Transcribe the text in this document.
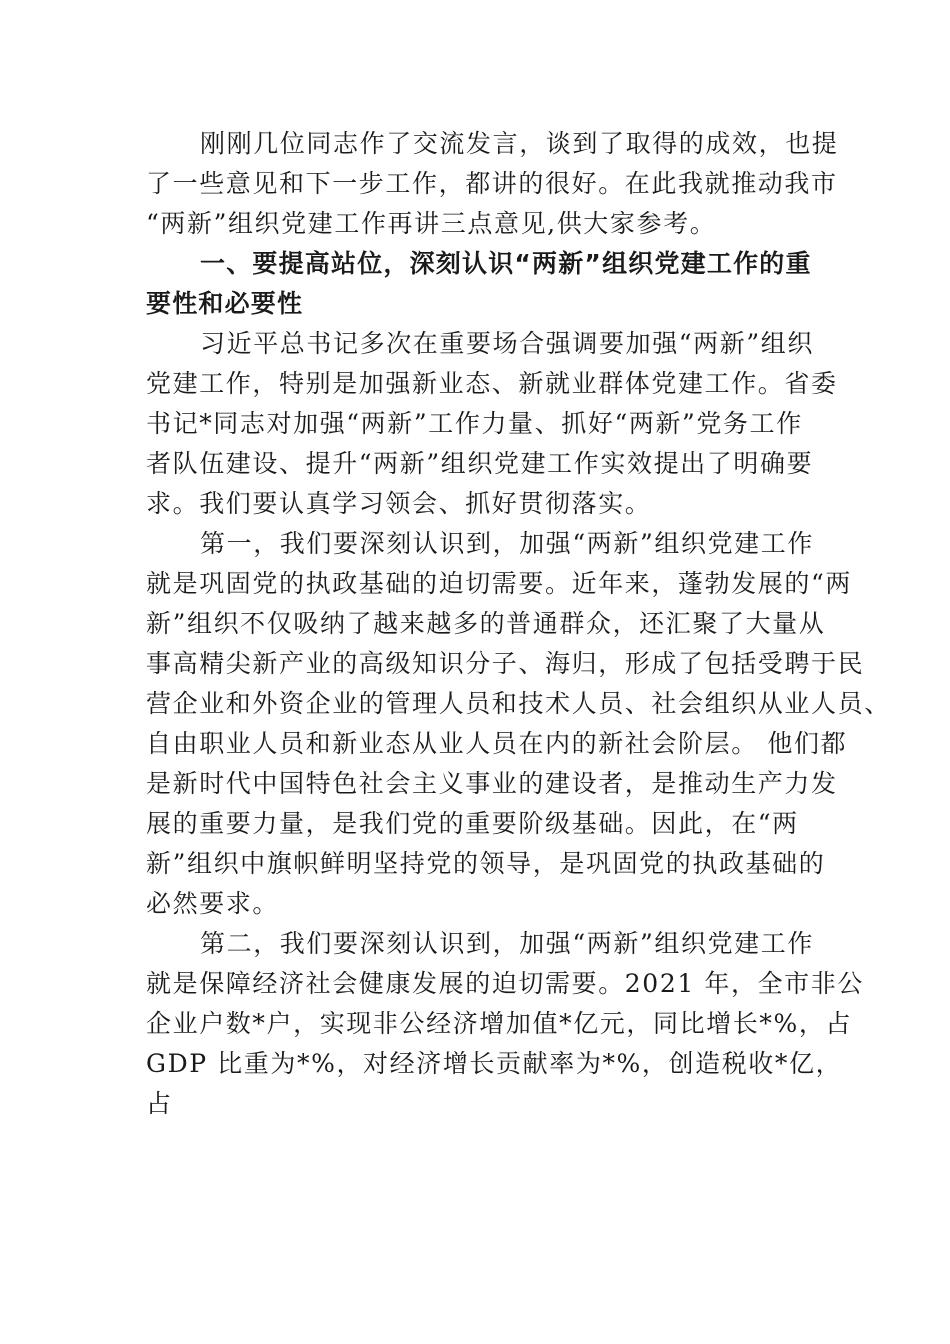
刚刚几位同志作了交流发言，谈到了取得的成效，也提
了一些意见和下一步工作，都讲的很好。在此我就推动我市
“两新”组织党建工作再讲三点意见,供大家参考。
一、要提高站位，深刻认识“两新”组织党建工作的重
要性和必要性
习近平总书记多次在重要场合强调要加强“两新”组织
党建工作，特别是加强新业态、新就业群体党建工作。省委
书记*同志对加强“两新”工作力量、抓好“两新”党务工作
者队伍建设、提升“两新”组织党建工作实效提出了明确要
求。我们要认真学习领会、抓好贯彻落实。
第一，我们要深刻认识到，加强“两新”组织党建工作
就是巩固党的执政基础的迫切需要。近年来，蓬勃发展的“两
新”组织不仅吸纳了越来越多的普通群众，还汇聚了大量从
事高精尖新产业的高级知识分子、海归，形成了包括受聘于民
营企业和外资企业的管理人员和技术人员、社会组织从业人员、
自由职业人员和新业态从业人员在内的新社会阶层。 他们都
是新时代中国特色社会主义事业的建设者，是推动生产力发
展的重要力量，是我们党的重要阶级基础。因此，在“两
新”组织中旗帜鲜明坚持党的领导，是巩固党的执政基础的
必然要求。
第二，我们要深刻认识到，加强“两新”组织党建工作
就是保障经济社会健康发展的迫切需要。2021 年，全市非公
企业户数*户，实现非公经济增加值*亿元，同比增长*%，占
GDP 比重为*%，对经济增长贡献率为*%，创造税收*亿，
占
